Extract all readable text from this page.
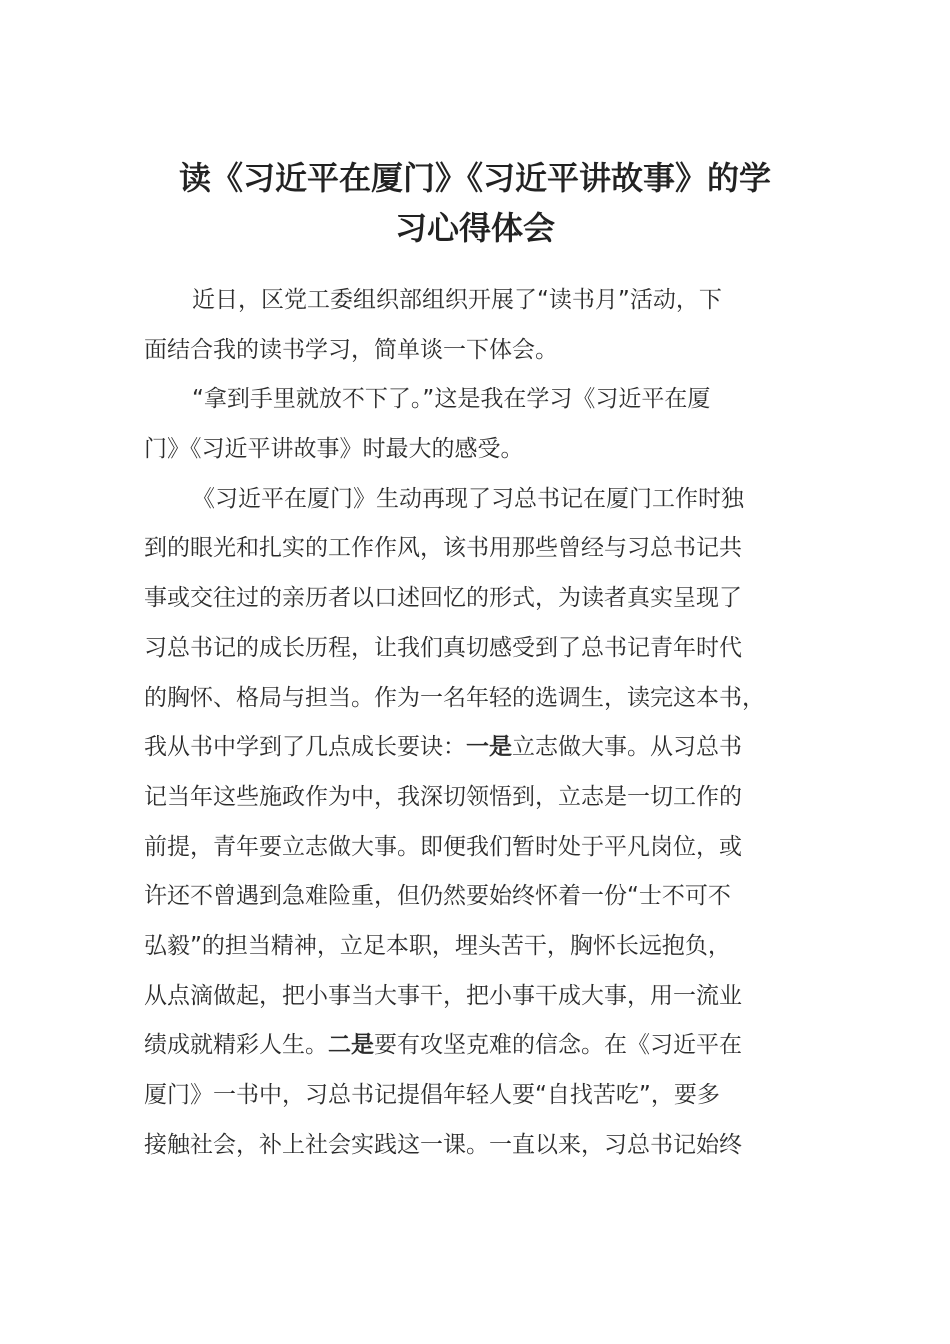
读《习近平在厦门》《习近平讲故事》的学
习心得体会
近日，区党工委组织部组织开展了“读书月”活动，下
面结合我的读书学习，简单谈一下体会。
“拿到手里就放不下了。”这是我在学习《习近平在厦
门》《习近平讲故事》时最大的感受。
《习近平在厦门》生动再现了习总书记在厦门工作时独
到的眼光和扎实的工作作风，该书用那些曾经与习总书记共
事或交往过的亲历者以口述回忆的形式，为读者真实呈现了
习总书记的成长历程，让我们真切感受到了总书记青年时代
的胸怀、格局与担当。作为一名年轻的选调生，读完这本书，
我从书中学到了几点成长要诀：一是立志做大事。从习总书
记当年这些施政作为中，我深切领悟到，立志是一切工作的
前提，青年要立志做大事。即便我们暂时处于平凡岗位，或
许还不曾遇到急难险重，但仍然要始终怀着一份“士不可不
弘毅”的担当精神，立足本职，埋头苦干，胸怀长远抱负，
从点滴做起，把小事当大事干，把小事干成大事，用一流业
绩成就精彩人生。二是要有攻坚克难的信念。在《习近平在
厦门》一书中，习总书记提倡年轻人要“自找苦吃”，要多
接触社会，补上社会实践这一课。一直以来，习总书记始终
